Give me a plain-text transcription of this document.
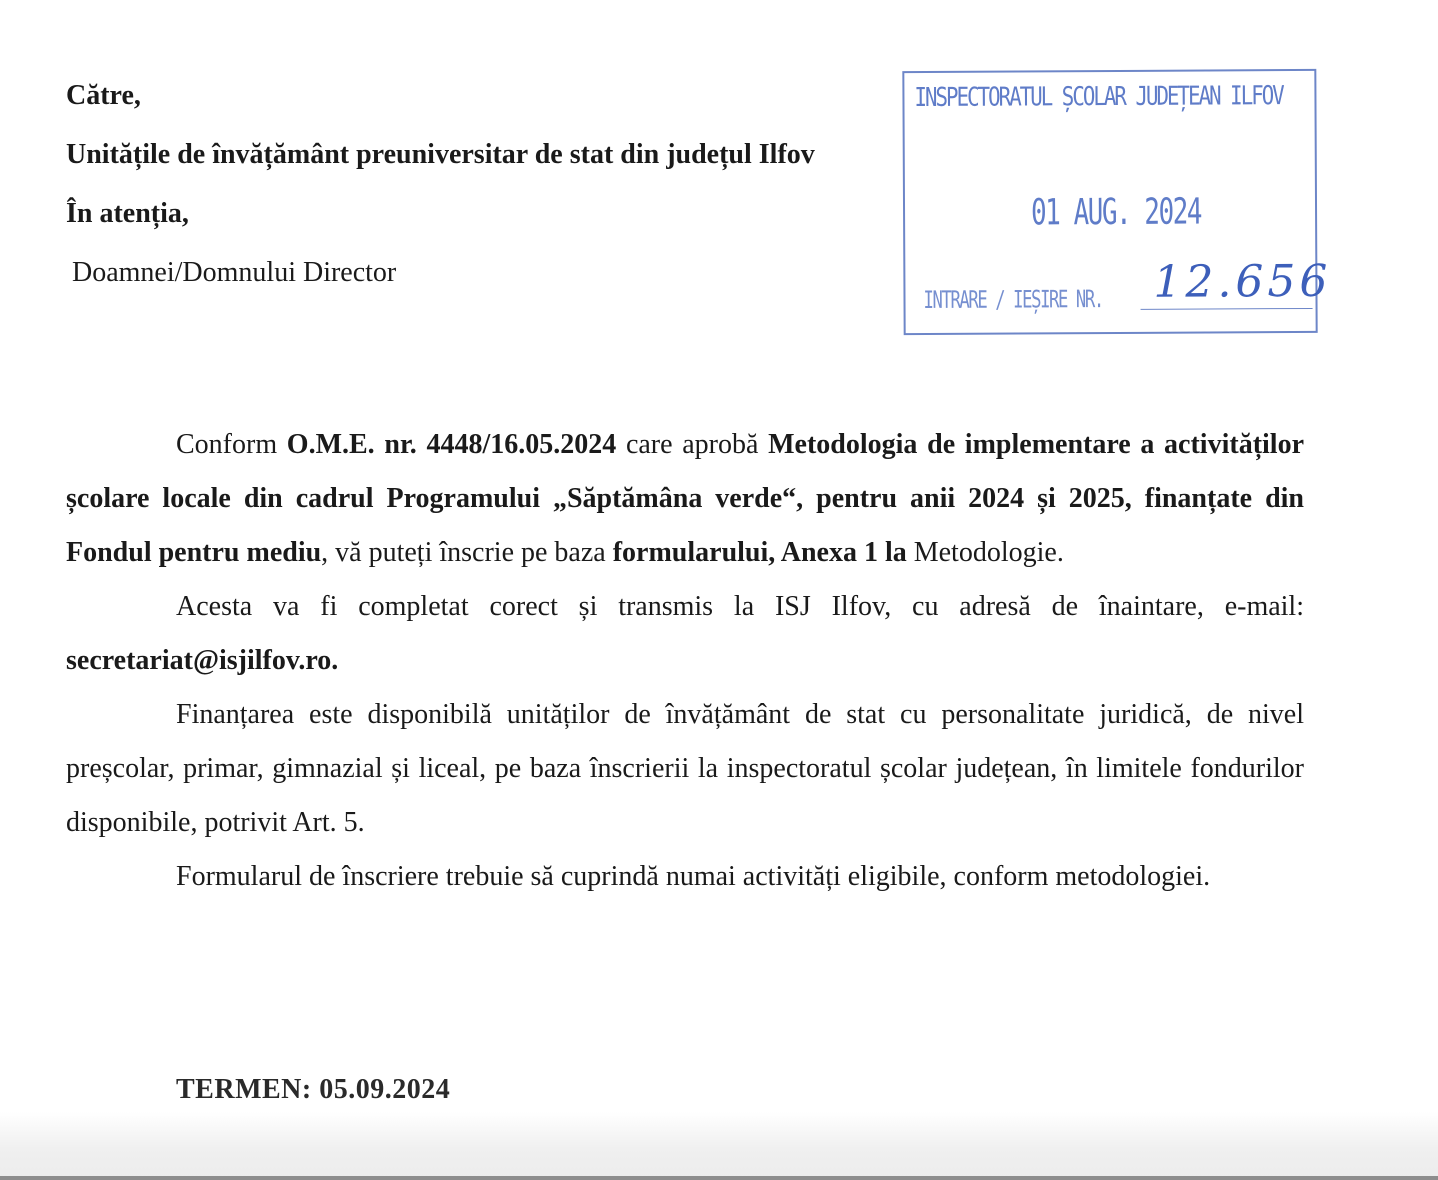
Către,
Unitățile de învățământ preuniversitar de stat din județul Ilfov
În atenția,
Doamnei/Domnului Director
INSPECTORATUL ȘCOLAR JUDEȚEAN ILFOV
01 AUG. 2024
INTRARE / IEȘIRE NR. 12.656

Conform O.M.E. nr. 4448/16.05.2024 care aprobă Metodologia de implementare a activităților școlare locale din cadrul Programului „Săptămâna verde“, pentru anii 2024 și 2025, finanțate din Fondul pentru mediu, vă puteți înscrie pe baza formularului, Anexa 1 la Metodologie.

Acesta va fi completat corect și transmis la ISJ Ilfov, cu adresă de înaintare, e-mail: secretariat@isjilfov.ro.

Finanțarea este disponibilă unităților de învățământ de stat cu personalitate juridică, de nivel preșcolar, primar, gimnazial și liceal, pe baza înscrierii la inspectoratul școlar județean, în limitele fondurilor disponibile, potrivit Art. 5.

Formularul de înscriere trebuie să cuprindă numai activități eligibile, conform metodologiei.

TERMEN: 05.09.2024
